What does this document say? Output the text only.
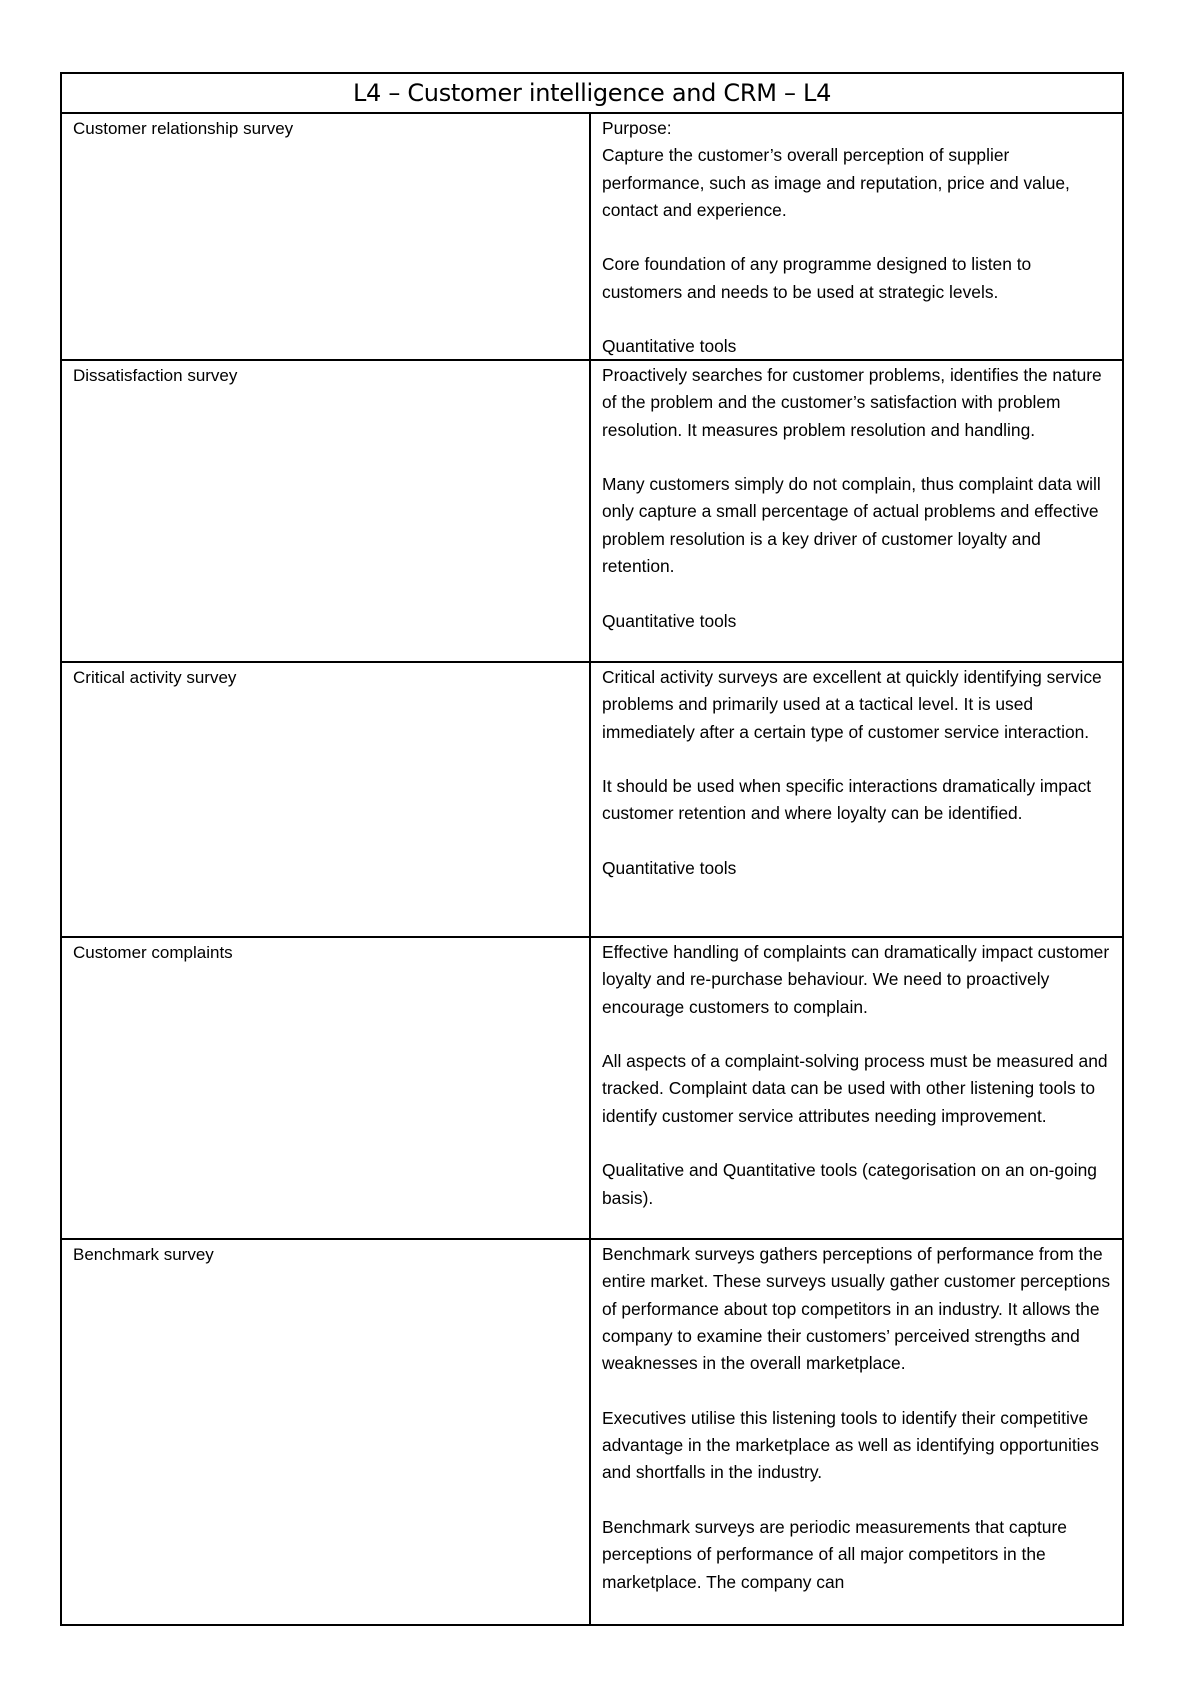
L4 – Customer intelligence and CRM – L4
Customer relationship survey	Purpose:
Capture the customer’s overall perception of supplier performance, such as image and reputation, price and value, contact and experience.

Core foundation of any programme designed to listen to customers and needs to be used at strategic levels.

Quantitative tools

Dissatisfaction survey	Proactively searches for customer problems, identifies the nature of the problem and the customer’s satisfaction with problem resolution. It measures problem resolution and handling.

Many customers simply do not complain, thus complaint data will only capture a small percentage of actual problems and effective problem resolution is a key driver of customer loyalty and retention.

Quantitative tools

Critical activity survey	Critical activity surveys are excellent at quickly identifying service problems and primarily used at a tactical level. It is used immediately after a certain type of customer service interaction.

It should be used when specific interactions dramatically impact customer retention and where loyalty can be identified.

Quantitative tools

Customer complaints	Effective handling of complaints can dramatically impact customer loyalty and re-purchase behaviour. We need to proactively encourage customers to complain.

All aspects of a complaint-solving process must be measured and tracked. Complaint data can be used with other listening tools to identify customer service attributes needing improvement.

Qualitative and Quantitative tools (categorisation on an on-going basis).

Benchmark survey	Benchmark surveys gathers perceptions of performance from the entire market. These surveys usually gather customer perceptions of performance about top competitors in an industry. It allows the company to examine their customers’ perceived strengths and weaknesses in the overall marketplace.

Executives utilise this listening tools to identify their competitive advantage in the marketplace as well as identifying opportunities and shortfalls in the industry.

Benchmark surveys are periodic measurements that capture perceptions of performance of all major competitors in the marketplace. The company can
